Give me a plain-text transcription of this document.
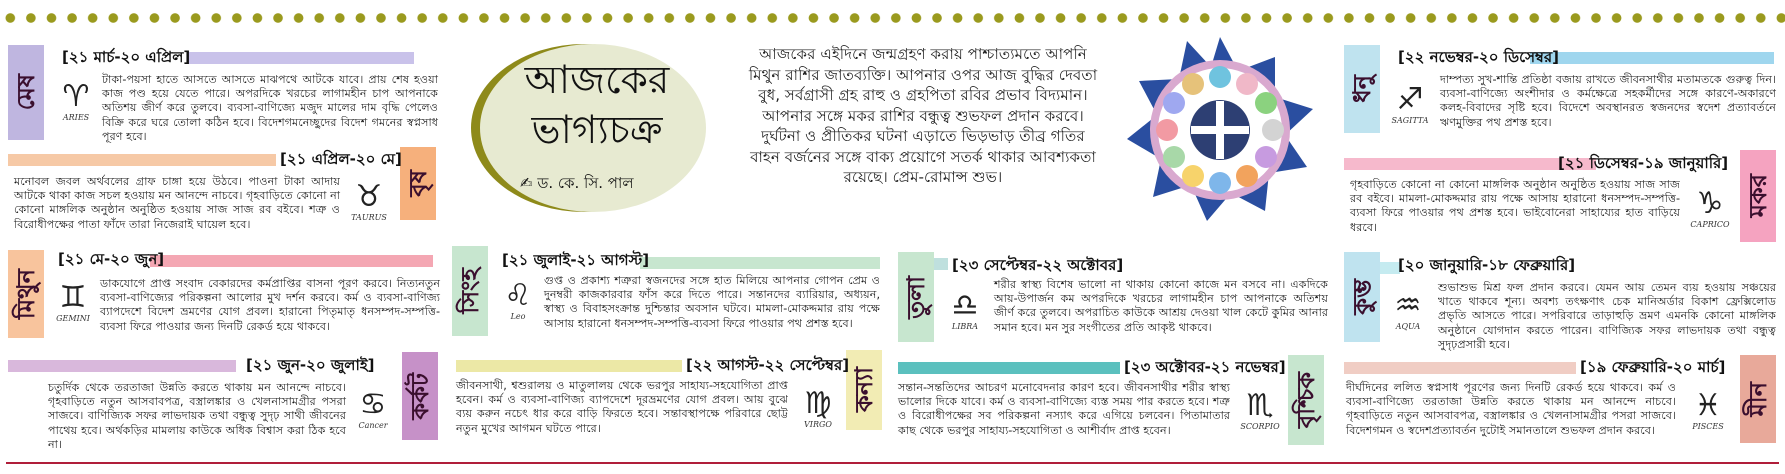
মেষ
[২১ মার্চ-২০ এপ্রিল]
♈
ARIES
টাকা-পয়সা হাতে আসতে আসতে মাঝপথে আটকে যাবে। প্রায় শেষ হওয়া কাজ পণ্ড হয়ে যেতে পারে। অপরদিকে খরচের লাগামহীন চাপ আপনাকে অতিশয় জীর্ণ করে তুলবে। ব্যবসা-বাণিজ্যে মজুদ মালের দাম বৃদ্ধি পেলেও বিক্রি করে ঘরে তোলা কঠিন হবে। বিদেশগমনেচ্ছুদের বিদেশ গমনের স্বপ্নসাধ পূরণ হবে।
বৃষ
[২১ এপ্রিল-২০ মে]
♉
TAURUS
মনোবল জবল অর্থবলের গ্রাফ চাঙ্গা হয়ে উঠবে। পাওনা টাকা আদায় আটকে থাকা কাজ সচল হওয়ায় মন আনন্দে নাচবে। গৃহবাড়িতে কোনো না কোনো মাঙ্গলিক অনুষ্ঠান অনুষ্ঠিত হওয়ায় সাজ সাজ রব বইবে। শত্রু ও বিরোধীপক্ষের পাতা ফাঁদে তারা নিজেরাই ঘায়েল হবে।
মিথুন
[২১ মে-২০ জুন]
♊
GEMINI
ডাকযোগে প্রাপ্ত সংবাদ বেকারদের কর্মপ্রাপ্তির বাসনা পূরণ করবে। নিত্যনতুন ব্যবসা-বাণিজ্যের পরিকল্পনা আলোর মুখ দর্শন করবে। কর্ম ও ব্যবসা-বাণিজ্য ব্যাপদেশে বিদেশ ভ্রমণের যোগ প্রবল। হারানো পিতৃমাতৃ ধনসম্পদ-সম্পত্তি-ব্যবসা ফিরে পাওয়ার জন্য দিনটি রেকর্ড হয়ে থাকবে।
কর্কট
[২১ জুন-২০ জুলাই]
♋
Cancer
চতুর্দিক থেকে তরতাজা উন্নতি করতে থাকায় মন আনন্দে নাচবে। গৃহবাড়িতে নতুন আসবাবপত্র, বস্ত্রালঙ্কার ও খেলনাসামগ্রীর পসরা সাজবে। বাণিজ্যিক সফর লাভদায়ক তথা বন্ধুত্ব সুদৃঢ় সাথী জীবনের পাথেয় হবে। অর্থকড়ির মামলায় কাউকে অধিক বিশ্বাস করা ঠিক হবে না।
আজকের
ভাগ্যচক্র
✍ ড. কে. সি. পাল
আজকের এইদিনে জন্মগ্রহণ করায় পাশ্চাত্যমতে আপনি মিথুন রাশির জাতব্যক্তি। আপনার ওপর আজ বুদ্ধির দেবতা বুধ, সর্বগ্রাসী গ্রহ রাহু ও গ্রহপিতা রবির প্রভাব বিদ্যমান। আপনার সঙ্গে মকর রাশির বন্ধুত্ব শুভফল প্রদান করবে। দুর্ঘটনা ও প্রীতিকর ঘটনা এড়াতে ভিড়ভাড় তীব্র গতির বাহন বর্জনের সঙ্গে বাক্য প্রয়োগে সতর্ক থাকার আবশ্যকতা রয়েছে। প্রেম-রোমান্স শুভ।
সিংহ
[২১ জুলাই-২১ আগস্ট]
♌
Leo
গুপ্ত ও প্রকাশ্য শত্রুরা স্বজনদের সঙ্গে হাত মিলিয়ে আপনার গোপন প্রেম ও দুনম্বরী কাজকারবার ফাঁস করে দিতে পারে। সন্তানদের ব্যারিয়ার, অধ্যয়ন, স্বাস্থ্য ও বিবাহসংক্রান্ত দুশ্চিন্তার অবসান ঘটবে। মামলা-মোকদ্দমার রায় পক্ষে আসায় হারানো ধনসম্পদ-সম্পত্তি-ব্যবসা ফিরে পাওয়ার পথ প্রশস্ত হবে।
কন্যা
[২২ আগস্ট-২২ সেপ্টেম্বর]
♍
VIRGO
জীবনসাথী, শ্বশুরালয় ও মাতুলালয় থেকে ভরপুর সাহায্য-সহযোগিতা প্রাপ্ত হবেন। কর্ম ও ব্যবসা-বাণিজ্য ব্যাপদেশে দূরভ্রমণের যোগ প্রবল। আয় বুঝে ব্যয় করুন নচেৎ ধার করে বাড়ি ফিরতে হবে। সন্তাবস্থাপক্ষে পরিবারে ছোট্ট নতুন মুখের আগমন ঘটতে পারে।
তুলা
[২৩ সেপ্টেম্বর-২২ অক্টোবর]
♎
LIBRA
শরীর স্বাস্থ্য বিশেষ ভালো না থাকায় কোনো কাজে মন বসবে না। একদিকে আয়-উপার্জন কম অপরদিকে খরচের লাগামহীন চাপ আপনাকে অতিশয় জীর্ণ করে তুলবে। অপরাচিত কাউকে আশ্রয় দেওয়া খাল কেটে কুমির আনার সমান হবে। মন সুর সংগীতের প্রতি আকৃষ্ট থাকবে।
বৃশ্চিক
[২৩ অক্টোবর-২১ নভেম্বর]
♏
SCORPIO
সন্তান-সন্ততিদের আচরণ মনোবেদনার কারণ হবে। জীবনসাথীর শরীর স্বাস্থ্য ভালোর দিকে যাবে। কর্ম ও ব্যবসা-বাণিজ্যে ব্যস্ত সময় পার করতে হবে। শত্রু ও বিরোধীপক্ষের সব পরিকল্পনা নস্যাৎ করে এগিয়ে চলবেন। পিতামাতার কাছ থেকে ভরপুর সাহায্য-সহযোগিতা ও আশীর্বাদ প্রাপ্ত হবেন।
ধনু
[২২ নভেম্বর-২০ ডিসেম্বর]
♐
SAGITTA
দাম্পত্য সুখ-শান্তি প্রতিষ্ঠা বজায় রাখতে জীবনসাথীর মতামতকে গুরুত্ব দিন। ব্যবসা-বাণিজ্যে অংশীদার ও কর্মক্ষেত্রে সহকর্মীদের সঙ্গে কারণে-অকারণে কলহ-বিবাদের সৃষ্টি হবে। বিদেশে অবস্থানরত স্বজনদের স্বদেশ প্রত্যাবর্তনে ঋণমুক্তির পথ প্রশস্ত হবে।
মকর
[২১ ডিসেম্বর-১৯ জানুয়ারি]
♑
CAPRICO
গৃহবাড়িতে কোনো না কোনো মাঙ্গলিক অনুষ্ঠান অনুষ্ঠিত হওয়ায় সাজ সাজ রব বইবে। মামলা-মোকদ্দমার রায় পক্ষে আসায় হারানো ধনসম্পদ-সম্পত্তি-ব্যবসা ফিরে পাওয়ার পথ প্রশস্ত হবে। ভাইবোনেরা সাহায্যের হাত বাড়িয়ে ধরবে।
কুম্ভ
[২০ জানুয়ারি-১৮ ফেব্রুয়ারি]
♒
AQUA
শুভাশুভ মিশ্র ফল প্রদান করবে। যেমন আয় তেমন ব্যয় হওয়ায় সঞ্চয়ের খাতে থাকবে শূন্য। অবশ্য তৎক্ষণাৎ চেক মানিঅর্ডার বিকাশ ফ্রেক্সিলোড প্রভৃতি আসতে পারে। সপরিবারে তাড়াহুড়ি ভ্রমণ এমনকি কোনো মাঙ্গলিক অনুষ্ঠানে যোগদান করতে পারেন। বাণিজ্যিক সফর লাভদায়ক তথা বন্ধুত্ব সুদৃঢ়প্রসারী হবে।
মীন
[১৯ ফেব্রুয়ারি-২০ মার্চ]
♓
PISCES
দীর্ঘদিনের ললিত স্বপ্নসাধ পূরণের জন্য দিনটি রেকর্ড হয়ে থাকবে। কর্ম ও ব্যবসা-বাণিজ্যে তরতাজা উন্নতি করতে থাকায় মন আনন্দে নাচবে। গৃহবাড়িতে নতুন আসবাবপত্র, বস্ত্রালঙ্কার ও খেলনাসামগ্রীর পসরা সাজবে। বিদেশগমন ও স্বদেশপ্রত্যাবর্তন দুটোই সমানতালে শুভফল প্রদান করবে।
